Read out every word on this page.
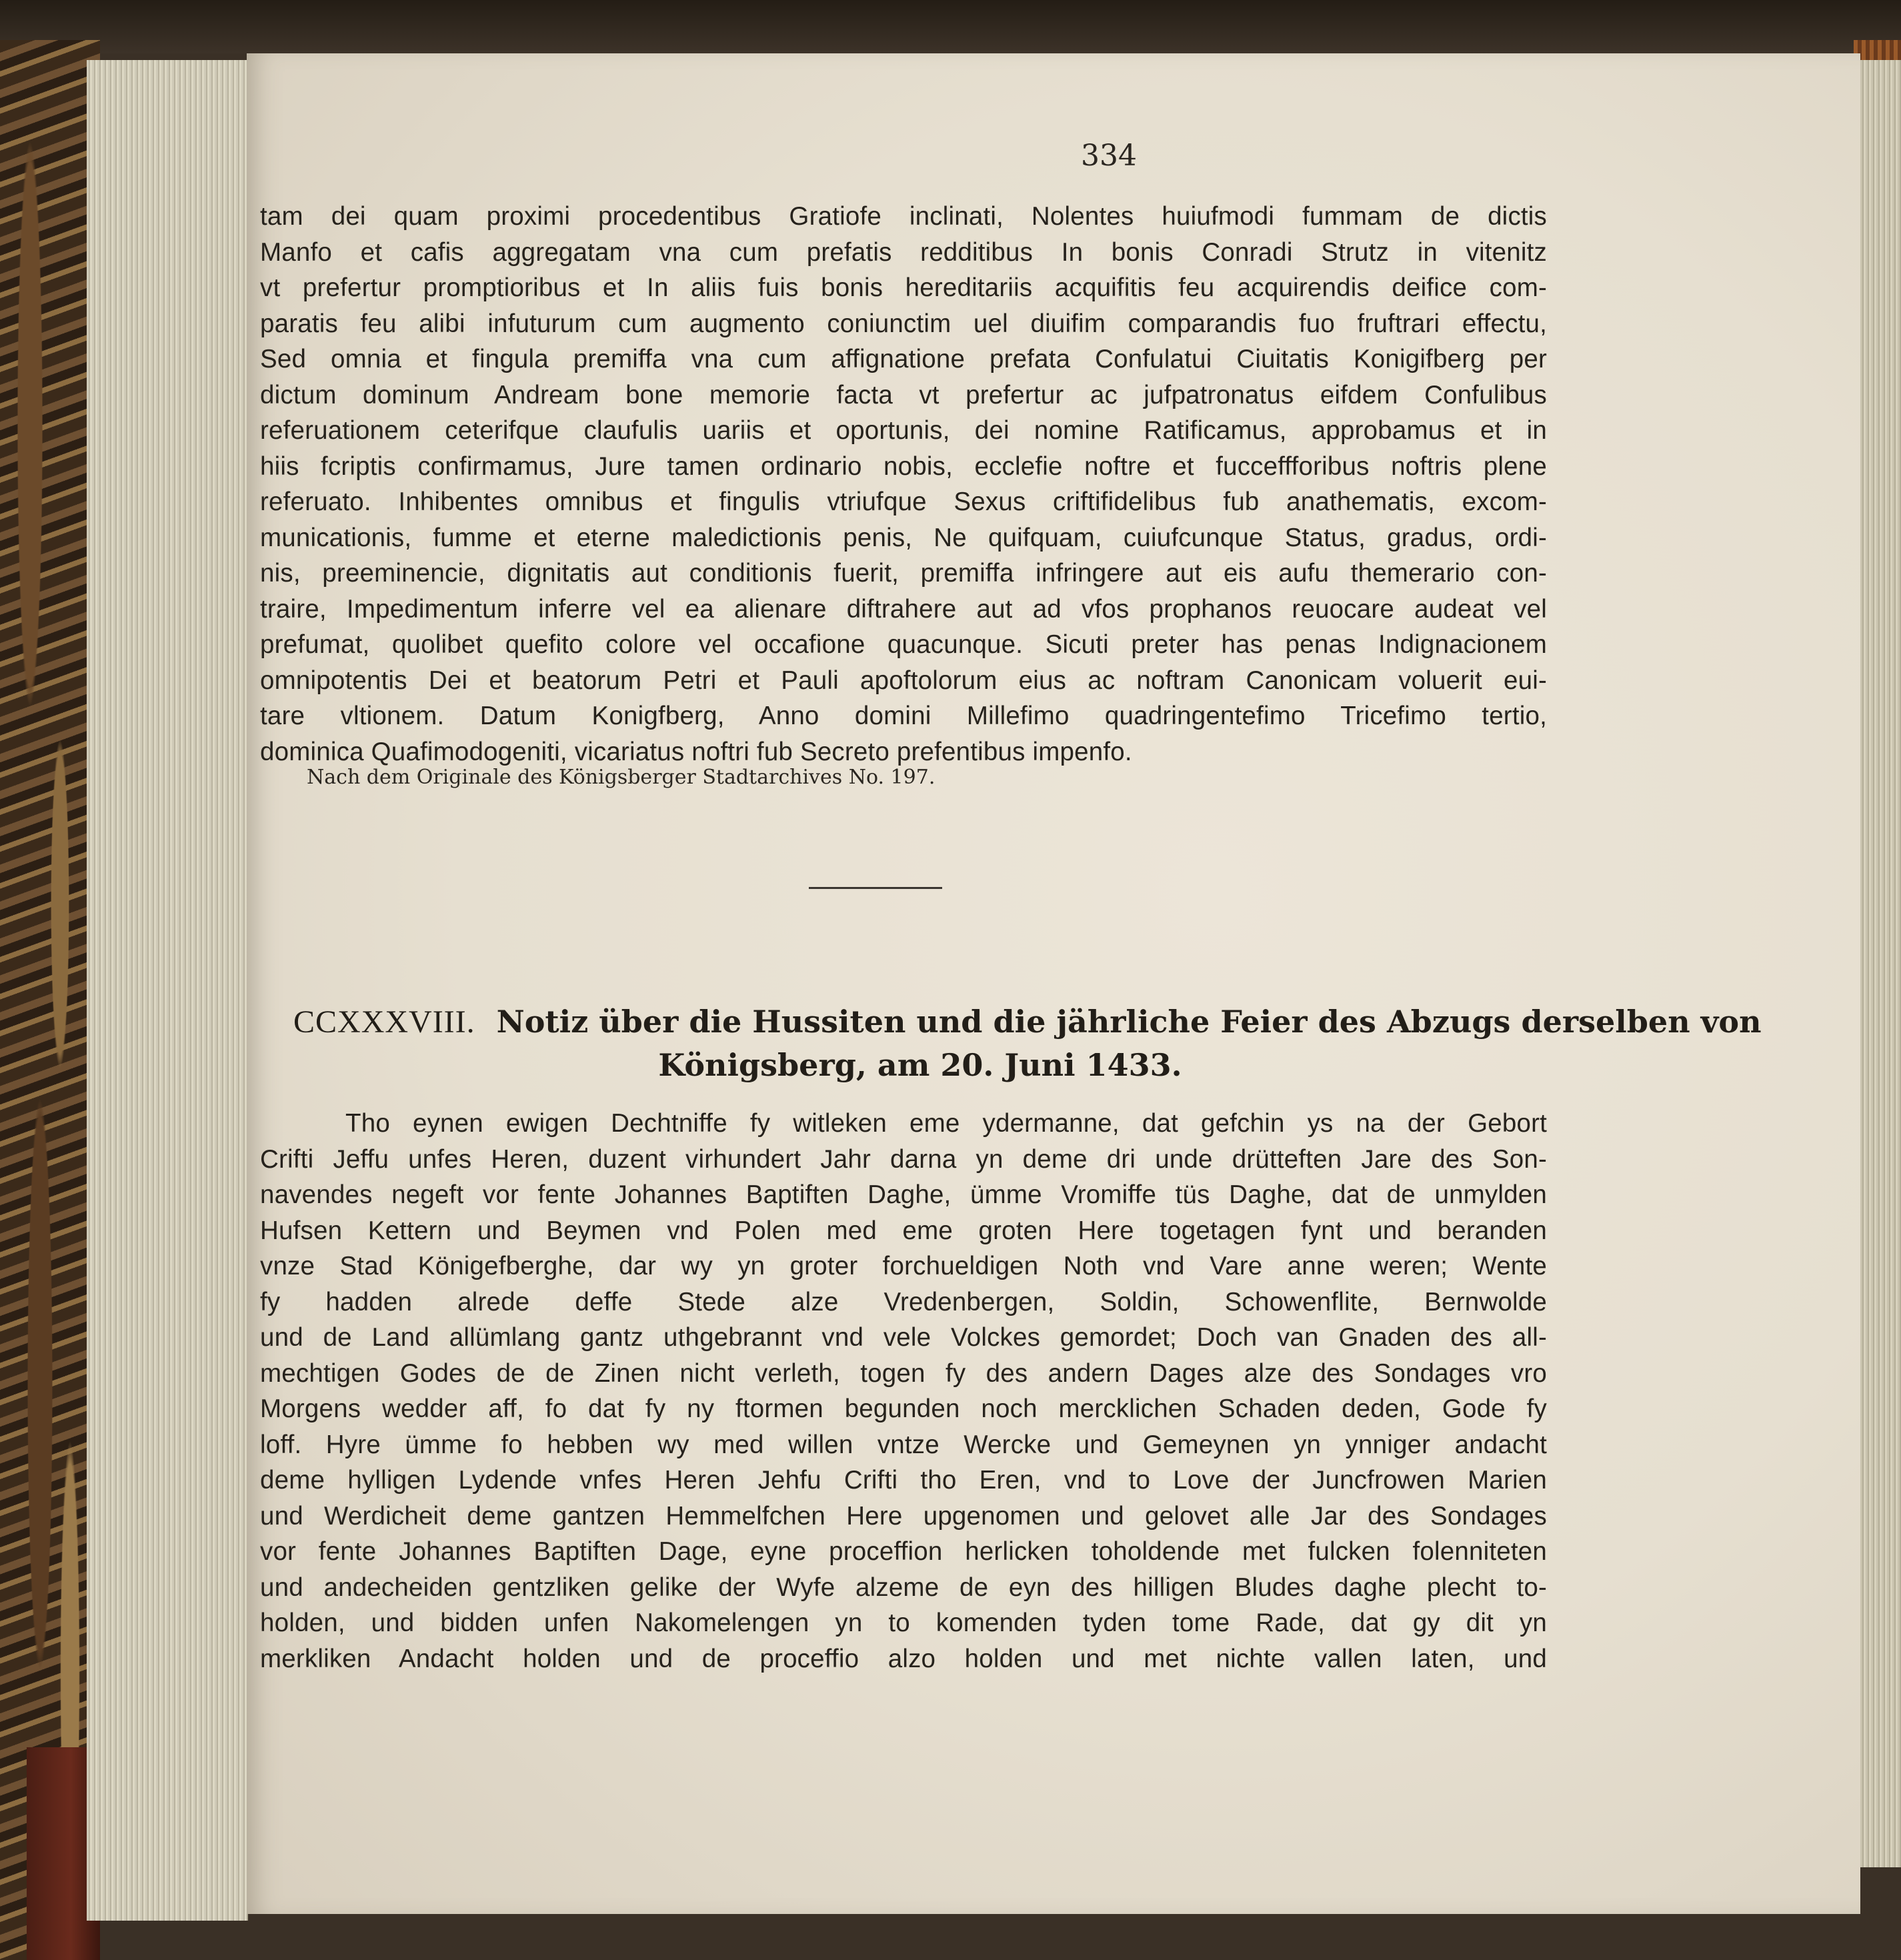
334

tam dei quam proximi procedentibus Gratiofe inclinati, Nolentes huiufmodi fummam de dictis
Manfo et cafis aggregatam vna cum prefatis redditibus In bonis Conradi Strutz in vitenitz
vt prefertur promptioribus et In aliis fuis bonis hereditariis acquifitis feu acquirendis deifice com-
paratis feu alibi infuturum cum augmento coniunctim uel diuifim comparandis fuo fruftrari effectu,
Sed omnia et fingula premiffa vna cum affignatione prefata Confulatui Ciuitatis Konigifberg per
dictum dominum Andream bone memorie facta vt prefertur ac jufpatronatus eifdem Confulibus
referuationem ceterifque claufulis uariis et oportunis, dei nomine Ratificamus, approbamus et in
hiis fcriptis confirmamus, Jure tamen ordinario nobis, ecclefie noftre et fucceffforibus noftris plene
referuato. Inhibentes omnibus et fingulis vtriufque Sexus criftifidelibus fub anathematis, excom-
municationis, fumme et eterne maledictionis penis, Ne quifquam, cuiufcunque Status, gradus, ordi-
nis, preeminencie, dignitatis aut conditionis fuerit, premiffa infringere aut eis aufu themerario con-
traire, Impedimentum inferre vel ea alienare diftrahere aut ad vfos prophanos reuocare audeat vel
prefumat, quolibet quefito colore vel occafione quacunque. Sicuti preter has penas Indignacionem
omnipotentis Dei et beatorum Petri et Pauli apoftolorum eius ac noftram Canonicam voluerit eui-
tare vltionem. Datum Konigfberg, Anno domini Millefimo quadringentefimo Tricefimo tertio,
dominica Quafimodogeniti, vicariatus noftri fub Secreto prefentibus impenfo.

Nach dem Originale des Königsberger Stadtarchives No. 197.

CCXXXVIII. Notiz über die Hussiten und die jährliche Feier des Abzugs derselben von
Königsberg, am 20. Juni 1433.

Tho eynen ewigen Dechtniffe fy witleken eme ydermanne, dat gefchin ys na der Gebort
Crifti Jeffu unfes Heren, duzent virhundert Jahr darna yn deme dri unde drütteften Jare des Son-
navendes negeft vor fente Johannes Baptiften Daghe, ümme Vromiffe tüs Daghe, dat de unmylden
Hufsen Kettern und Beymen vnd Polen med eme groten Here togetagen fynt und beranden
vnze Stad Königefberghe, dar wy yn groter forchueldigen Noth vnd Vare anne weren; Wente
fy hadden alrede deffe Stede alze Vredenbergen, Soldin, Schowenflite, Bernwolde
und de Land allümlang gantz uthgebrannt vnd vele Volckes gemordet; Doch van Gnaden des all-
mechtigen Godes de de Zinen nicht verleth, togen fy des andern Dages alze des Sondages vro
Morgens wedder aff, fo dat fy ny ftormen begunden noch mercklichen Schaden deden, Gode fy
loff. Hyre ümme fo hebben wy med willen vntze Wercke und Gemeynen yn ynniger andacht
deme hylligen Lydende vnfes Heren Jehfu Crifti tho Eren, vnd to Love der Juncfrowen Marien
und Werdicheit deme gantzen Hemmelfchen Here upgenomen und gelovet alle Jar des Sondages
vor fente Johannes Baptiften Dage, eyne proceffion herlicken toholdende met fulcken folenniteten
und andecheiden gentzliken gelike der Wyfe alzeme de eyn des hilligen Bludes daghe plecht to-
holden, und bidden unfen Nakomelengen yn to komenden tyden tome Rade, dat gy dit yn
merkliken Andacht holden und de proceffio alzo holden und met nichte vallen laten, und
